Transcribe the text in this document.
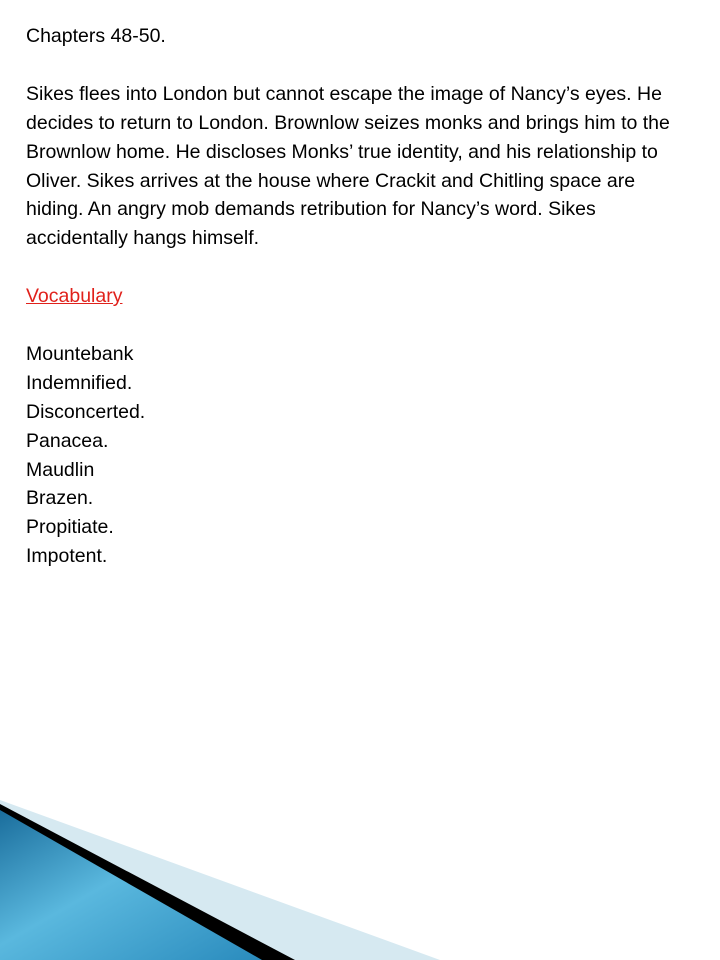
Chapters 48-50.

Sikes flees into London but cannot escape the image of Nancy’s eyes. He decides to return to London. Brownlow seizes monks and brings him to the Brownlow home. He discloses Monks’ true identity, and his relationship to Oliver. Sikes arrives at the house where Crackit and Chitling space are hiding. An angry mob demands retribution for Nancy’s word. Sikes accidentally hangs himself.

Vocabulary
Mountebank
Indemnified.
Disconcerted.
Panacea.
Maudlin
Brazen.
Propitiate.
Impotent.
